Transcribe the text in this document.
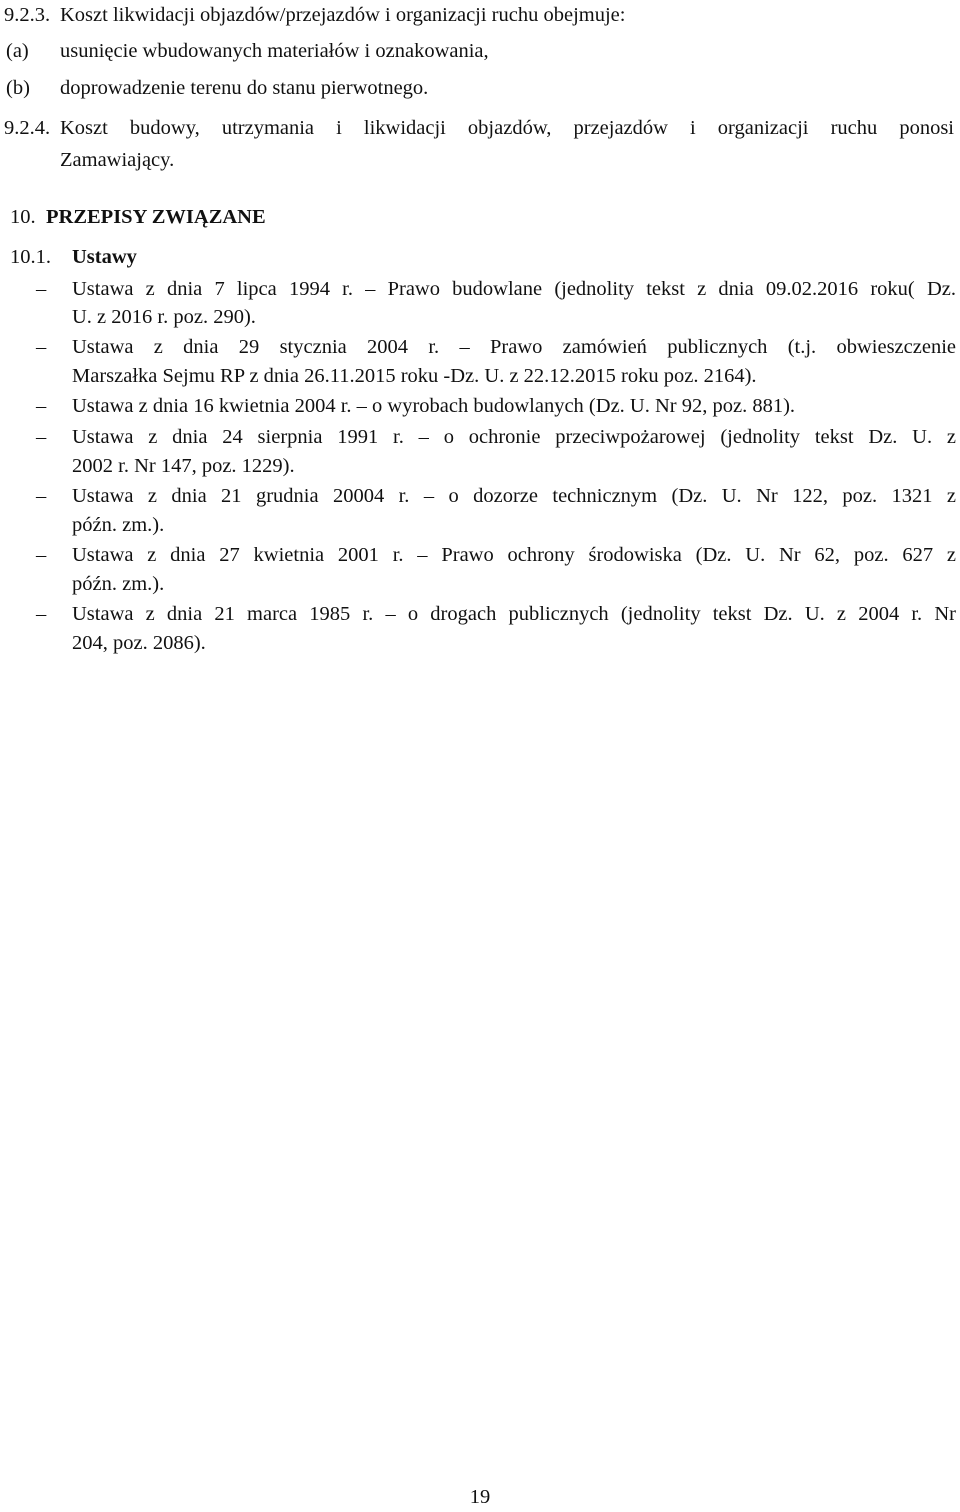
9.2.3. Koszt likwidacji objazdów/przejazdów i organizacji ruchu obejmuje:
(a) usunięcie wbudowanych materiałów i oznakowania,
(b) doprowadzenie terenu do stanu pierwotnego.
9.2.4. Koszt budowy, utrzymania i likwidacji objazdów, przejazdów i organizacji ruchu ponosi
Zamawiający.
10. PRZEPISY ZWIĄZANE
10.1. Ustawy
– Ustawa z dnia 7 lipca 1994 r. – Prawo budowlane (jednolity tekst z dnia 09.02.2016 roku( Dz.
U. z 2016 r. poz. 290).
– Ustawa z dnia 29 stycznia 2004 r. – Prawo zamówień publicznych (t.j. obwieszczenie
Marszałka Sejmu RP z dnia 26.11.2015 roku -Dz. U. z 22.12.2015 roku poz. 2164).
– Ustawa z dnia 16 kwietnia 2004 r. – o wyrobach budowlanych (Dz. U. Nr 92, poz. 881).
– Ustawa z dnia 24 sierpnia 1991 r. – o ochronie przeciwpożarowej (jednolity tekst Dz. U. z
2002 r. Nr 147, poz. 1229).
– Ustawa z dnia 21 grudnia 20004 r. – o dozorze technicznym (Dz. U. Nr 122, poz. 1321 z
późn. zm.).
– Ustawa z dnia 27 kwietnia 2001 r. – Prawo ochrony środowiska (Dz. U. Nr 62, poz. 627 z
późn. zm.).
– Ustawa z dnia 21 marca 1985 r. – o drogach publicznych (jednolity tekst Dz. U. z 2004 r. Nr
204, poz. 2086).
19
